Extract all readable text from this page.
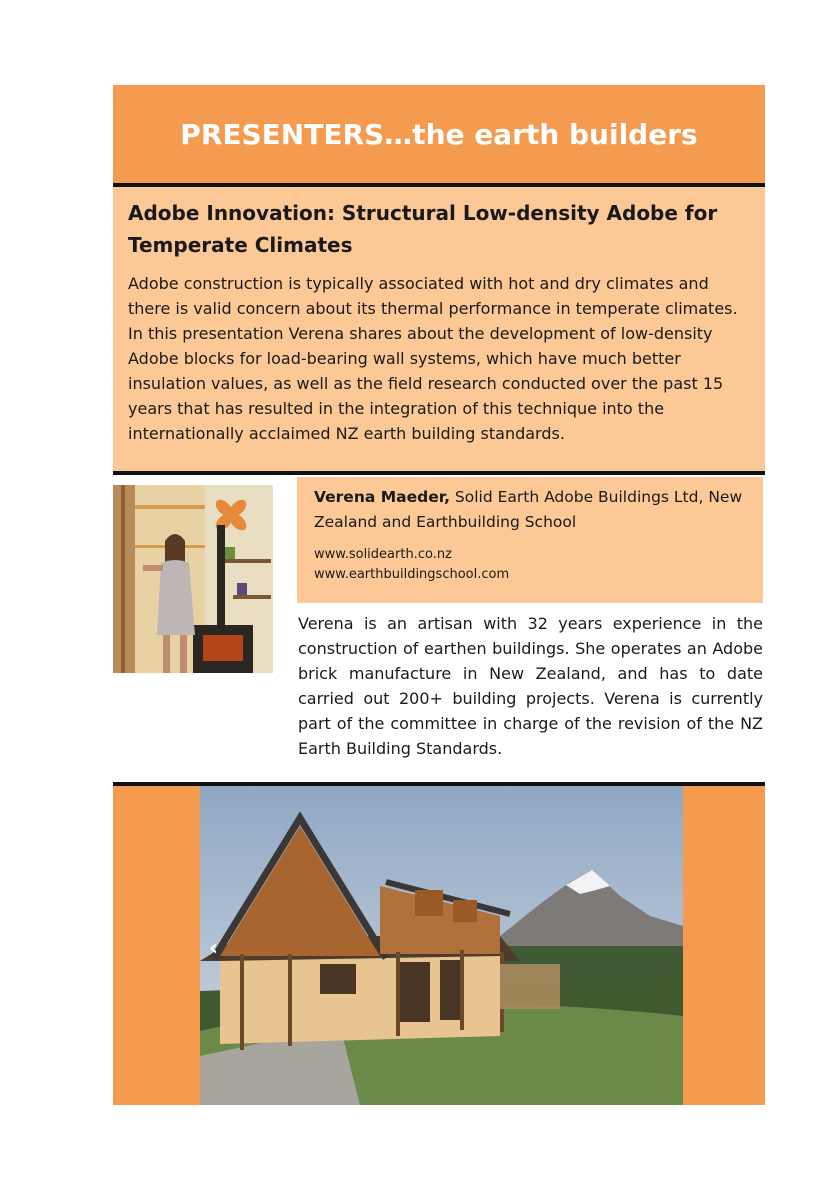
PRESENTERS…the earth builders
Adobe Innovation: Structural Low-density Adobe for Temperate Climates

Adobe construction is typically associated with hot and dry climates and there is valid concern about its thermal performance in temperate climates. In this presentation Verena shares about the development of low-density Adobe blocks for load-bearing wall systems, which have much better insulation values, as well as the field research conducted over the past 15 years that has resulted in the integration of this technique into the internationally acclaimed NZ earth building standards.

Verena Maeder, Solid Earth Adobe Buildings Ltd, New Zealand and Earthbuilding School

www.solidearth.co.nz
www.earthbuildingschool.com

Verena is an artisan with 32 years experience in the construction of earthen buildings. She operates an Adobe brick manufacture in New Zealand, and has to date carried out 200+ building projects. Verena is currently part of the committee in charge of the revision of the NZ Earth Building Standards.

‹
